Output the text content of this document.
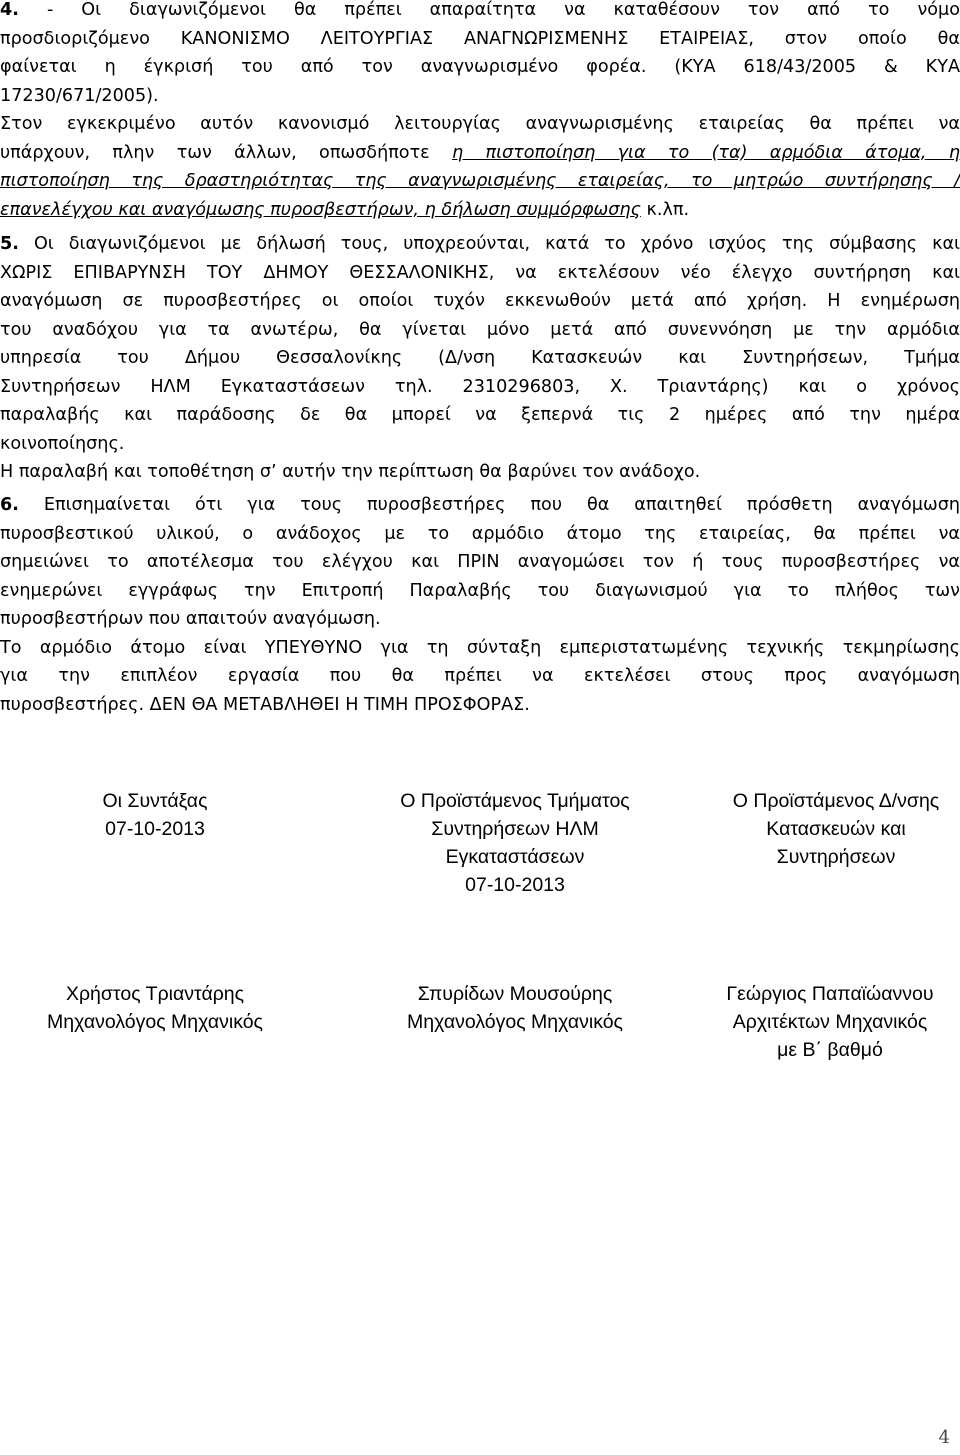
4. - Οι διαγωνιζόμενοι θα πρέπει απαραίτητα να καταθέσουν τον από το νόμο
προσδιοριζόμενο ΚΑΝΟΝΙΣΜΟ ΛΕΙΤΟΥΡΓΙΑΣ ΑΝΑΓΝΩΡΙΣΜΕΝΗΣ ΕΤΑΙΡΕΙΑΣ, στον οποίο θα
φαίνεται η έγκρισή του από τον αναγνωρισμένο φορέα. (ΚΥΑ 618/43/2005 & ΚΥΑ
17230/671/2005).
Στον εγκεκριμένο αυτόν κανονισμό λειτουργίας αναγνωρισμένης εταιρείας θα πρέπει να
υπάρχουν, πλην των άλλων, οπωσδήποτε η πιστοποίηση για το (τα) αρμόδια άτομα, η
πιστοποίηση της δραστηριότητας της αναγνωρισμένης εταιρείας, το μητρώο συντήρησης /
επανελέγχου και αναγόμωσης πυροσβεστήρων, η δήλωση συμμόρφωσης κ.λπ.
5. Οι διαγωνιζόμενοι με δήλωσή τους, υποχρεούνται, κατά το χρόνο ισχύος της σύμβασης και
ΧΩΡΙΣ ΕΠΙΒΑΡΥΝΣΗ ΤΟΥ ΔΗΜΟΥ ΘΕΣΣΑΛΟΝΙΚΗΣ, να εκτελέσουν νέο έλεγχο συντήρηση και
αναγόμωση σε πυροσβεστήρες οι οποίοι τυχόν εκκενωθούν μετά από χρήση. Η ενημέρωση
του αναδόχου για τα ανωτέρω, θα γίνεται μόνο μετά από συνεννόηση με την αρμόδια
υπηρεσία του Δήμου Θεσσαλονίκης (Δ/νση Κατασκευών και Συντηρήσεων, Τμήμα
Συντηρήσεων ΗΛΜ Εγκαταστάσεων τηλ. 2310296803, Χ. Τριαντάρης) και ο χρόνος
παραλαβής και παράδοσης δε θα μπορεί να ξεπερνά τις 2 ημέρες από την ημέρα
κοινοποίησης.
Η παραλαβή και τοποθέτηση σ’ αυτήν την περίπτωση θα βαρύνει τον ανάδοχο.
6. Επισημαίνεται ότι για τους πυροσβεστήρες που θα απαιτηθεί πρόσθετη αναγόμωση
πυροσβεστικού υλικού, ο ανάδοχος με το αρμόδιο άτομο της εταιρείας, θα πρέπει να
σημειώνει το αποτέλεσμα του ελέγχου και ΠΡΙΝ αναγομώσει τον ή τους πυροσβεστήρες να
ενημερώνει εγγράφως την Επιτροπή Παραλαβής του διαγωνισμού για το πλήθος των
πυροσβεστήρων που απαιτούν αναγόμωση.
Το αρμόδιο άτομο είναι ΥΠΕΥΘΥΝΟ για τη σύνταξη εμπεριστατωμένης τεχνικής τεκμηρίωσης
για την επιπλέον εργασία που θα πρέπει να εκτελέσει στους προς αναγόμωση
πυροσβεστήρες. ΔΕΝ ΘΑ ΜΕΤΑΒΛΗΘΕΙ Η ΤΙΜΗ ΠΡΟΣΦΟΡΑΣ.
Οι Συντάξας
07-10-2013
Ο Προϊστάμενος Τμήματος
Συντηρήσεων ΗΛΜ
Εγκαταστάσεων
07-10-2013
Ο Προϊστάμενος Δ/νσης
Κατασκευών και
Συντηρήσεων
Χρήστος Τριαντάρης
Μηχανολόγος Μηχανικός
Σπυρίδων Μουσούρης
Μηχανολόγος Μηχανικός
Γεώργιος Παπαϊώαννου
Αρχιτέκτων Μηχανικός
με Β΄ βαθμό
4
